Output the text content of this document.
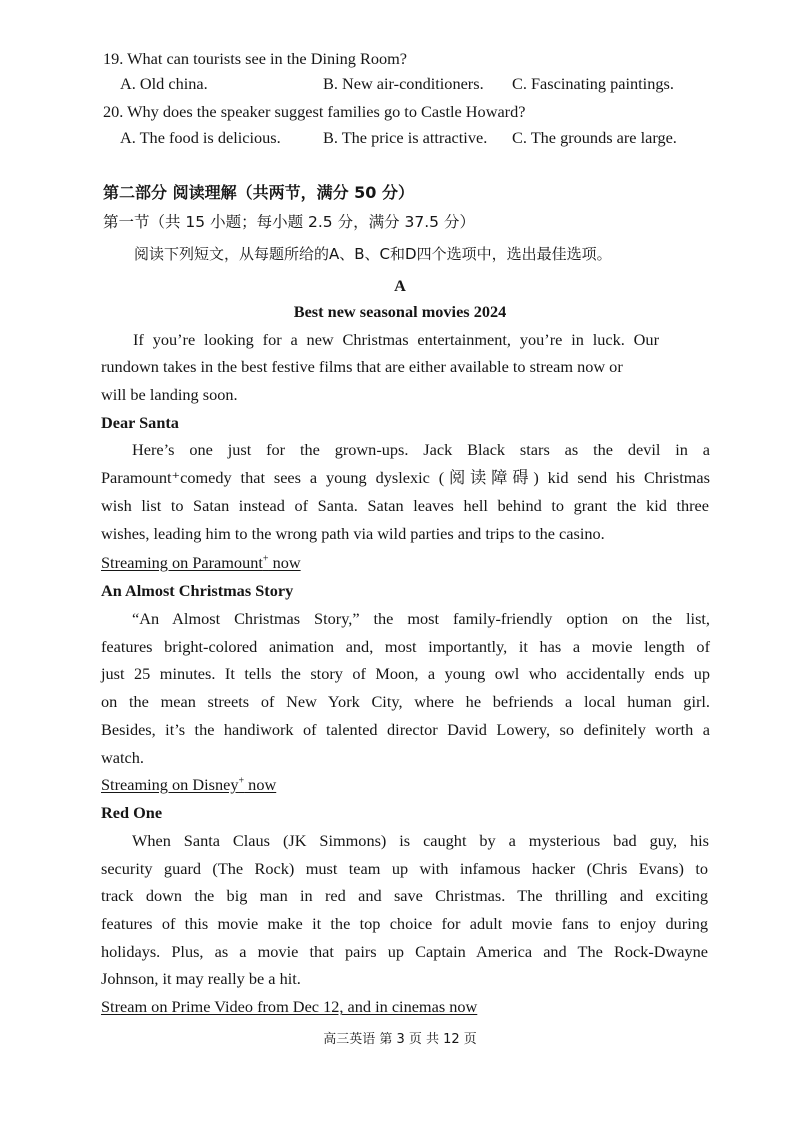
19. What can tourists see in the Dining Room?
A. Old china.	B. New air-conditioners. C. Fascinating paintings.
20. Why does the speaker suggest families go to Castle Howard?
A. The food is delicious.	B. The price is attractive. C. The grounds are large.
第二部分 阅读理解（共两节，满分 50 分）
第一节（共 15 小题；每小题 2.5 分，满分 37.5 分）
阅读下列短文，从每题所给的A、B、C和D四个选项中，选出最佳选项。
A
Best new seasonal movies 2024
If you’re looking for a new Christmas entertainment, you’re in luck. Our
rundown takes in the best festive films that are either available to stream now or
will be landing soon.
Dear Santa
Here’s one just for the grown-ups. Jack Black stars as the devil in a
Paramount⁺comedy that sees a young dyslexic (阅读障碍) kid send his Christmas
wish list to Satan instead of Santa. Satan leaves hell behind to grant the kid three
wishes, leading him to the wrong path via wild parties and trips to the casino.
Streaming on Paramount+ now
An Almost Christmas Story
“An Almost Christmas Story,” the most family-friendly option on the list,
features bright-colored animation and, most importantly, it has a movie length of
just 25 minutes. It tells the story of Moon, a young owl who accidentally ends up
on the mean streets of New York City, where he befriends a local human girl.
Besides, it’s the handiwork of talented director David Lowery, so definitely worth a
watch.
Streaming on Disney+ now
Red One
When Santa Claus (JK Simmons) is caught by a mysterious bad guy, his
security guard (The Rock) must team up with infamous hacker (Chris Evans) to
track down the big man in red and save Christmas. The thrilling and exciting
features of this movie make it the top choice for adult movie fans to enjoy during
holidays. Plus, as a movie that pairs up Captain America and The Rock-Dwayne
Johnson, it may really be a hit.
Stream on Prime Video from Dec 12, and in cinemas now
高三英语 第 3 页 共 12 页
